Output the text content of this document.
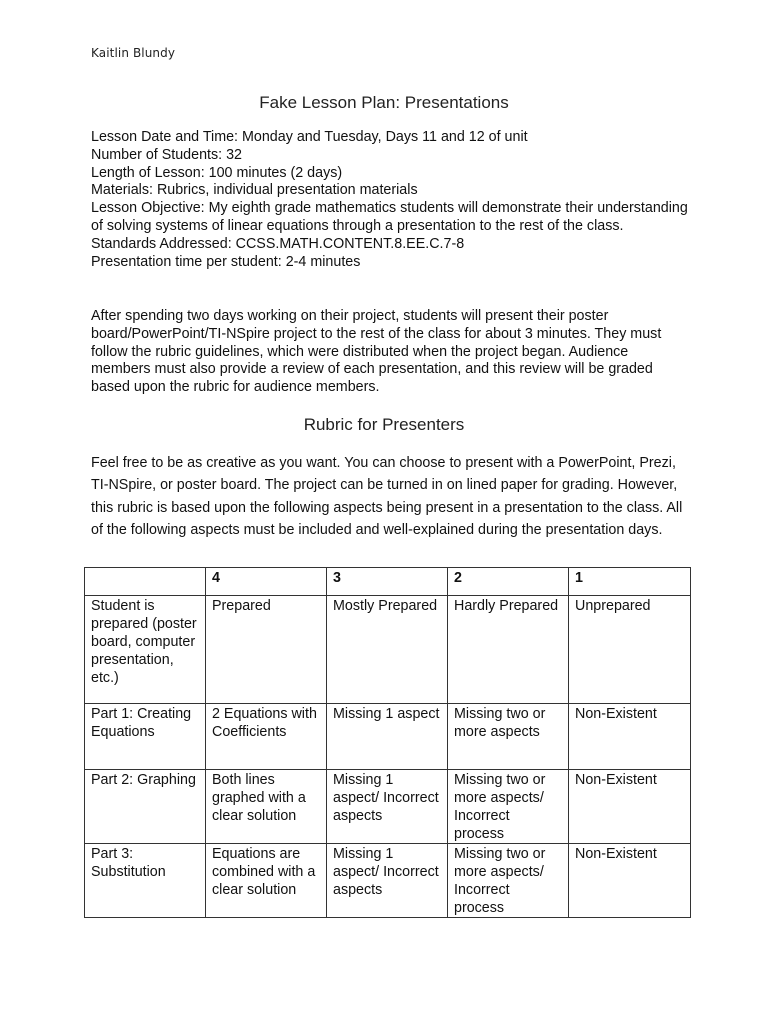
Kaitlin Blundy
Fake Lesson Plan: Presentations
Lesson Date and Time: Monday and Tuesday, Days 11 and 12 of unit
Number of Students: 32
Length of Lesson: 100 minutes (2 days)
Materials: Rubrics, individual presentation materials
Lesson Objective: My eighth grade mathematics students will demonstrate their understanding of solving systems of linear equations through a presentation to the rest of the class.
Standards Addressed: CCSS.MATH.CONTENT.8.EE.C.7-8
Presentation time per student: 2-4 minutes
After spending two days working on their project, students will present their poster board/PowerPoint/TI-NSpire project to the rest of the class for about 3 minutes. They must follow the rubric guidelines, which were distributed when the project began. Audience members must also provide a review of each presentation, and this review will be graded based upon the rubric for audience members.
Rubric for Presenters
Feel free to be as creative as you want. You can choose to present with a PowerPoint, Prezi, TI-NSpire, or poster board. The project can be turned in on lined paper for grading. However, this rubric is based upon the following aspects being present in a presentation to the class. All of the following aspects must be included and well-explained during the presentation days.
	4	3	2	1
Student is prepared (poster board, computer presentation, etc.)	Prepared	Mostly Prepared	Hardly Prepared	Unprepared
Part 1: Creating Equations	2 Equations with Coefficients	Missing 1 aspect	Missing two or more aspects	Non-Existent
Part 2: Graphing	Both lines graphed with a clear solution	Missing 1 aspect/ Incorrect aspects	Missing two or more aspects/ Incorrect process	Non-Existent
Part 3: Substitution	Equations are combined with a clear solution	Missing 1 aspect/ Incorrect aspects	Missing two or more aspects/ Incorrect process	Non-Existent
